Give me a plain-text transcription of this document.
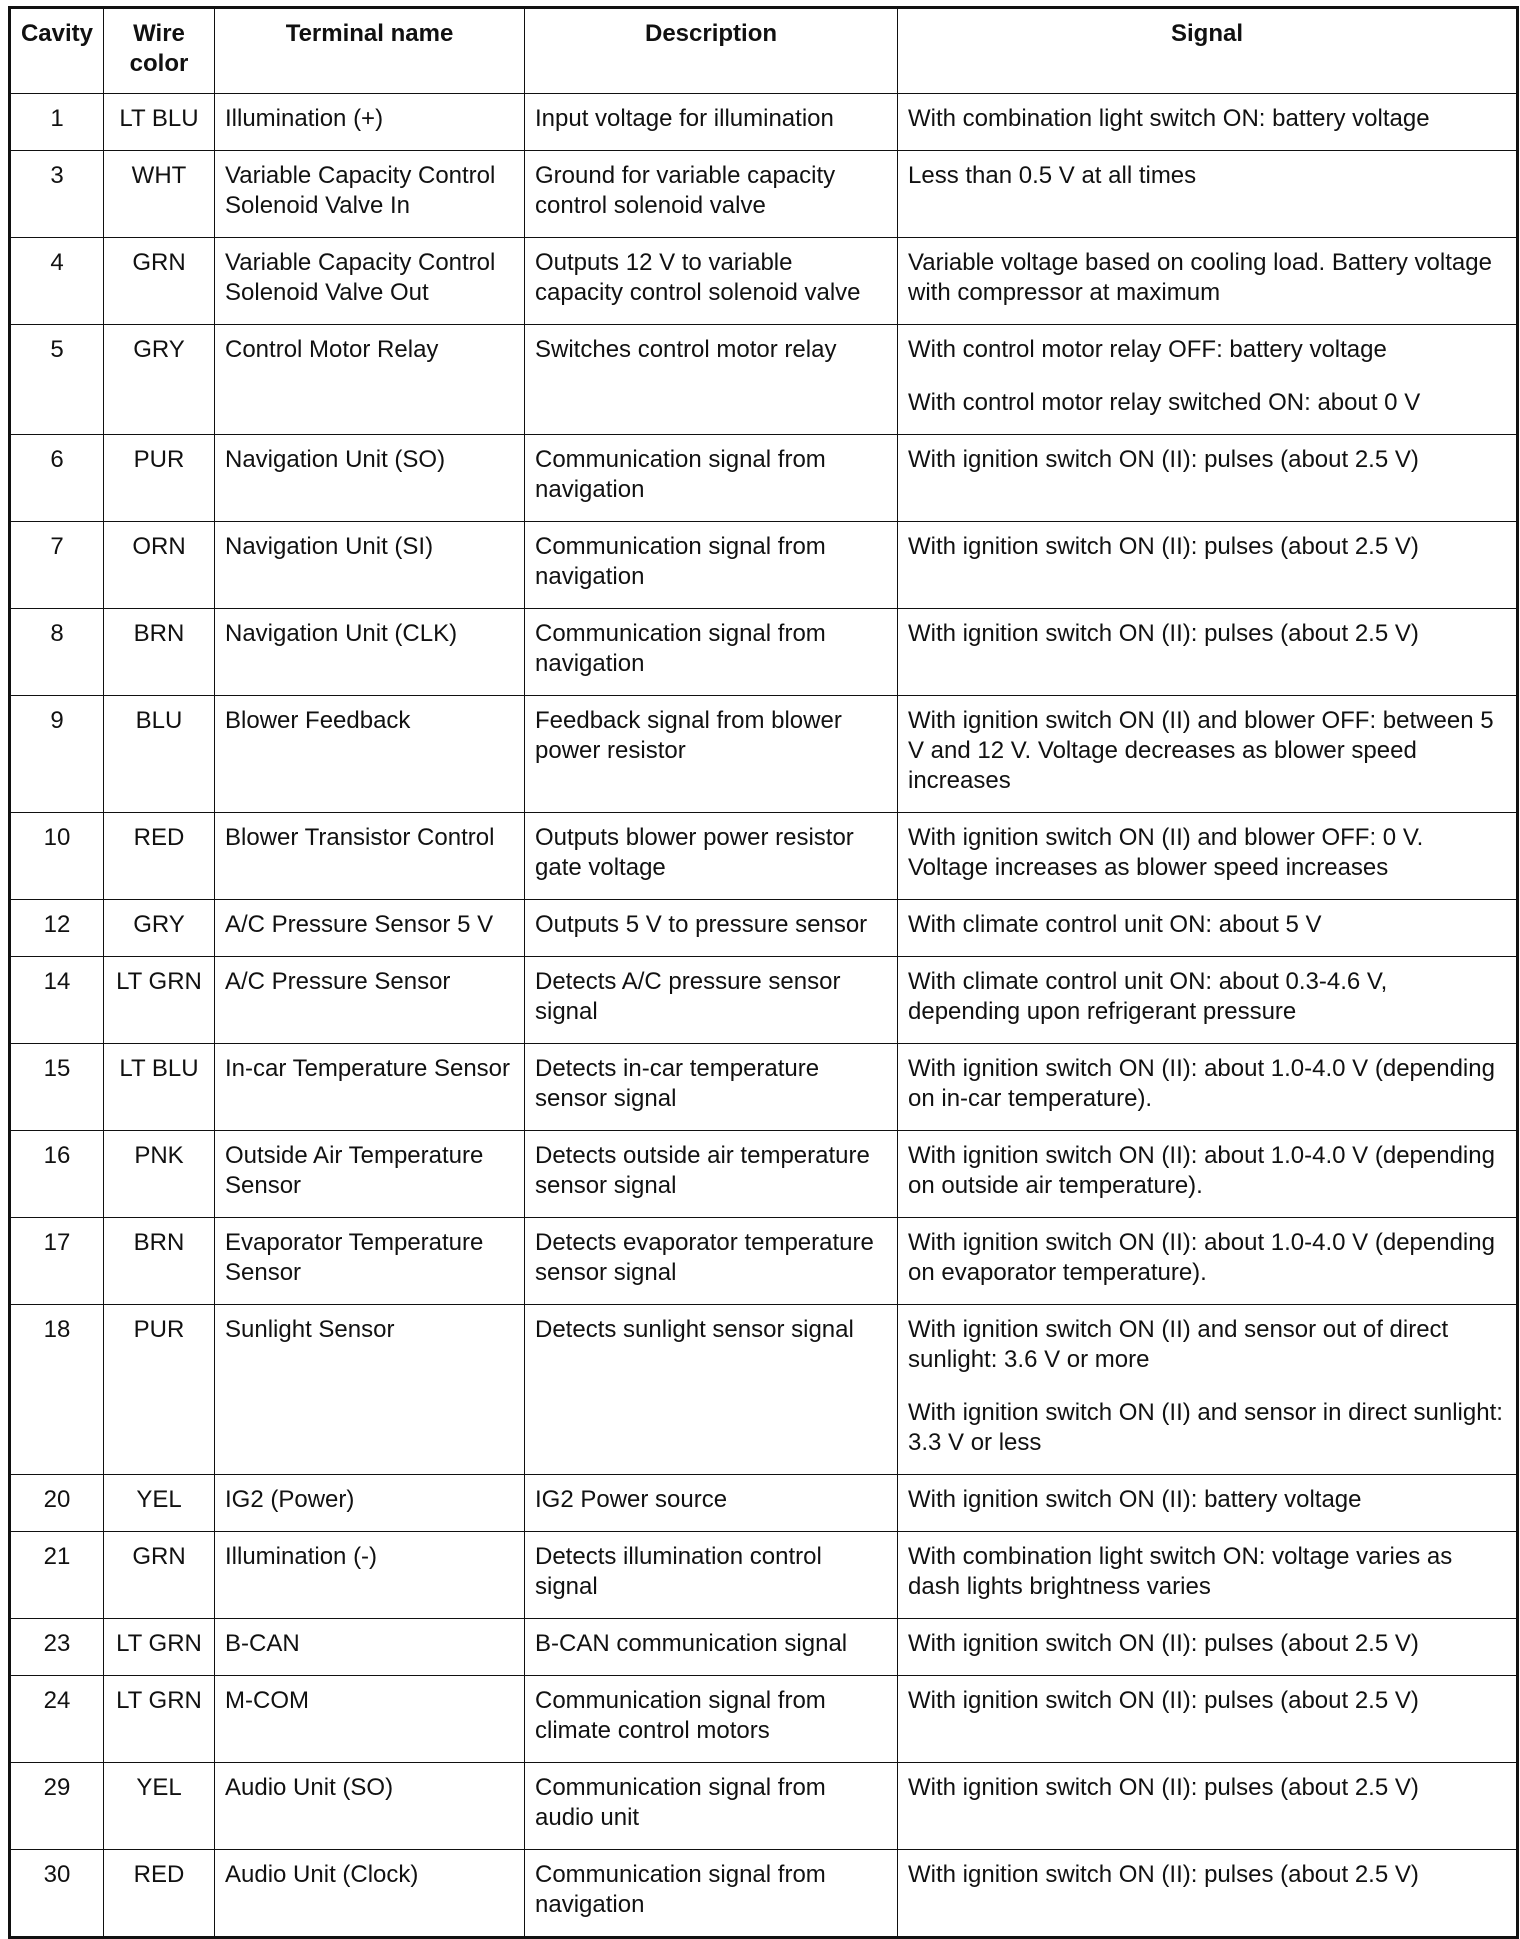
Cavity	Wire color	Terminal name	Description	Signal
1	LT BLU	Illumination (+)	Input voltage for illumination	With combination light switch ON: battery voltage

3	WHT	Variable Capacity Control Solenoid Valve In	Ground for variable capacity control solenoid valve	Less than 0.5 V at all times

4	GRN	Variable Capacity Control Solenoid Valve Out	Outputs 12 V to variable capacity control solenoid valve	Variable voltage based on cooling load. Battery voltage with compressor at maximum

5	GRY	Control Motor Relay	Switches control motor relay	With control motor relay OFF: battery voltage
With control motor relay switched ON: about 0 V

6	PUR	Navigation Unit (SO)	Communication signal from navigation	With ignition switch ON (II): pulses (about 2.5 V)

7	ORN	Navigation Unit (SI)	Communication signal from navigation	With ignition switch ON (II): pulses (about 2.5 V)

8	BRN	Navigation Unit (CLK)	Communication signal from navigation	With ignition switch ON (II): pulses (about 2.5 V)

9	BLU	Blower Feedback	Feedback signal from blower power resistor	With ignition switch ON (II) and blower OFF: between 5 V and 12 V. Voltage decreases as blower speed increases

10	RED	Blower Transistor Control	Outputs blower power resistor gate voltage	With ignition switch ON (II) and blower OFF: 0 V. Voltage increases as blower speed increases

12	GRY	A/C Pressure Sensor 5 V	Outputs 5 V to pressure sensor	With climate control unit ON: about 5 V

14	LT GRN	A/C Pressure Sensor	Detects A/C pressure sensor signal	With climate control unit ON: about 0.3-4.6 V, depending upon refrigerant pressure

15	LT BLU	In-car Temperature Sensor	Detects in-car temperature sensor signal	With ignition switch ON (II): about 1.0-4.0 V (depending on in-car temperature).

16	PNK	Outside Air Temperature Sensor	Detects outside air temperature sensor signal	With ignition switch ON (II): about 1.0-4.0 V (depending on outside air temperature).

17	BRN	Evaporator Temperature Sensor	Detects evaporator temperature sensor signal	With ignition switch ON (II): about 1.0-4.0 V (depending on evaporator temperature).

18	PUR	Sunlight Sensor	Detects sunlight sensor signal	With ignition switch ON (II) and sensor out of direct sunlight: 3.6 V or more
With ignition switch ON (II) and sensor in direct sunlight: 3.3 V or less

20	YEL	IG2 (Power)	IG2 Power source	With ignition switch ON (II): battery voltage

21	GRN	Illumination (-)	Detects illumination control signal	With combination light switch ON: voltage varies as dash lights brightness varies

23	LT GRN	B-CAN	B-CAN communication signal	With ignition switch ON (II): pulses (about 2.5 V)

24	LT GRN	M-COM	Communication signal from climate control motors	With ignition switch ON (II): pulses (about 2.5 V)

29	YEL	Audio Unit (SO)	Communication signal from audio unit	With ignition switch ON (II): pulses (about 2.5 V)

30	RED	Audio Unit (Clock)	Communication signal from navigation	With ignition switch ON (II): pulses (about 2.5 V)
